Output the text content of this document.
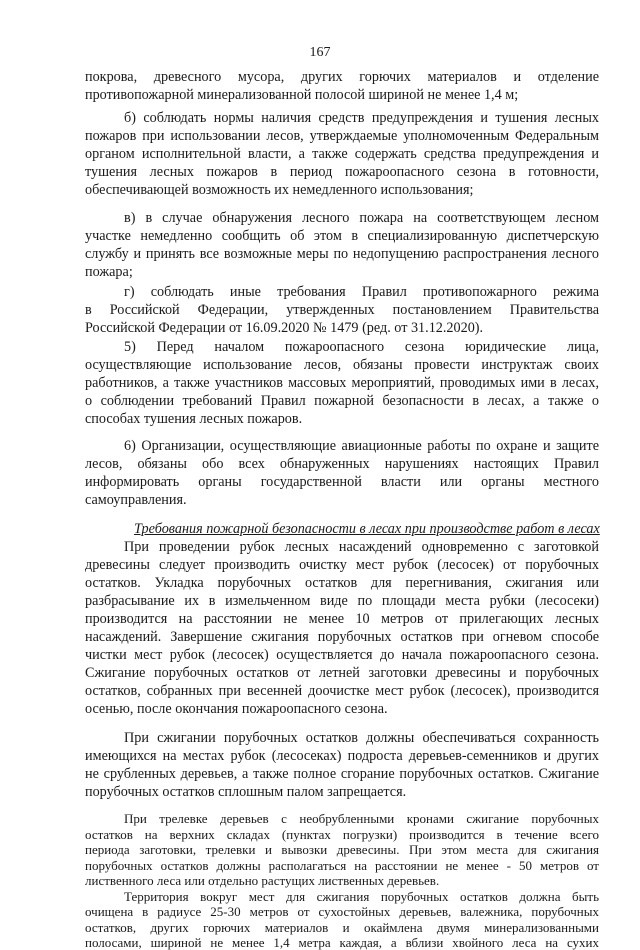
167
покрова, древесного мусора, других горючих материалов и отделение
противопожарной минерализованной полосой шириной не менее 1,4 м;
б) соблюдать нормы наличия средств предупреждения и тушения лесных
пожаров при использовании лесов, утверждаемые уполномоченным Федеральным
органом исполнительной власти, а также содержать средства предупреждения и
тушения лесных пожаров в период пожароопасного сезона в готовности,
обеспечивающей возможность их немедленного использования;
в) в случае обнаружения лесного пожара на соответствующем лесном
участке немедленно сообщить об этом в специализированную диспетчерскую
службу и принять все возможные меры по недопущению распространения лесного
пожара;
г) соблюдать иные требования Правил противопожарного режима
в Российской Федерации, утвержденных постановлением Правительства
Российской Федерации от 16.09.2020 № 1479 (ред. от 31.12.2020).
5) Перед началом пожароопасного сезона юридические лица,
осуществляющие использование лесов, обязаны провести инструктаж своих
работников, а также участников массовых мероприятий, проводимых ими в лесах,
о соблюдении требований Правил пожарной безопасности в лесах, а также о
способах тушения лесных пожаров.
6) Организации, осуществляющие авиационные работы по охране и защите
лесов, обязаны обо всех обнаруженных нарушениях настоящих Правил
информировать органы государственной власти или органы местного
самоуправления.
Требования пожарной безопасности в лесах при производстве работ в лесах
При проведении рубок лесных насаждений одновременно с заготовкой
древесины следует производить очистку мест рубок (лесосек) от порубочных
остатков. Укладка порубочных остатков для перегнивания, сжигания или
разбрасывание их в измельченном виде по площади места рубки (лесосеки)
производится на расстоянии не менее 10 метров от прилегающих лесных
насаждений. Завершение сжигания порубочных остатков при огневом способе
чистки мест рубок (лесосек) осуществляется до начала пожароопасного сезона.
Сжигание порубочных остатков от летней заготовки древесины и порубочных
остатков, собранных при весенней доочистке мест рубок (лесосек), производится
осенью, после окончания пожароопасного сезона.
При сжигании порубочных остатков должны обеспечиваться сохранность
имеющихся на местах рубок (лесосеках) подроста деревьев-семенников и других
не срубленных деревьев, а также полное сгорание порубочных остатков. Сжигание
порубочных остатков сплошным палом запрещается.
При трелевке деревьев с необрубленными кронами сжигание порубочных
остатков на верхних складах (пунктах погрузки) производится в течение всего
периода заготовки, трелевки и вывозки древесины. При этом места для сжигания
порубочных остатков должны располагаться на расстоянии не менее - 50 метров от
лиственного леса или отдельно растущих лиственных деревьев.
Территория вокруг мест для сжигания порубочных остатков должна быть
очищена в радиусе 25-30 метров от сухостойных деревьев, валежника, порубочных
остатков, других горючих материалов и окаймлена двумя минерализованными
полосами, шириной не менее 1,4 метра каждая, а вблизи хвойного леса на сухих
